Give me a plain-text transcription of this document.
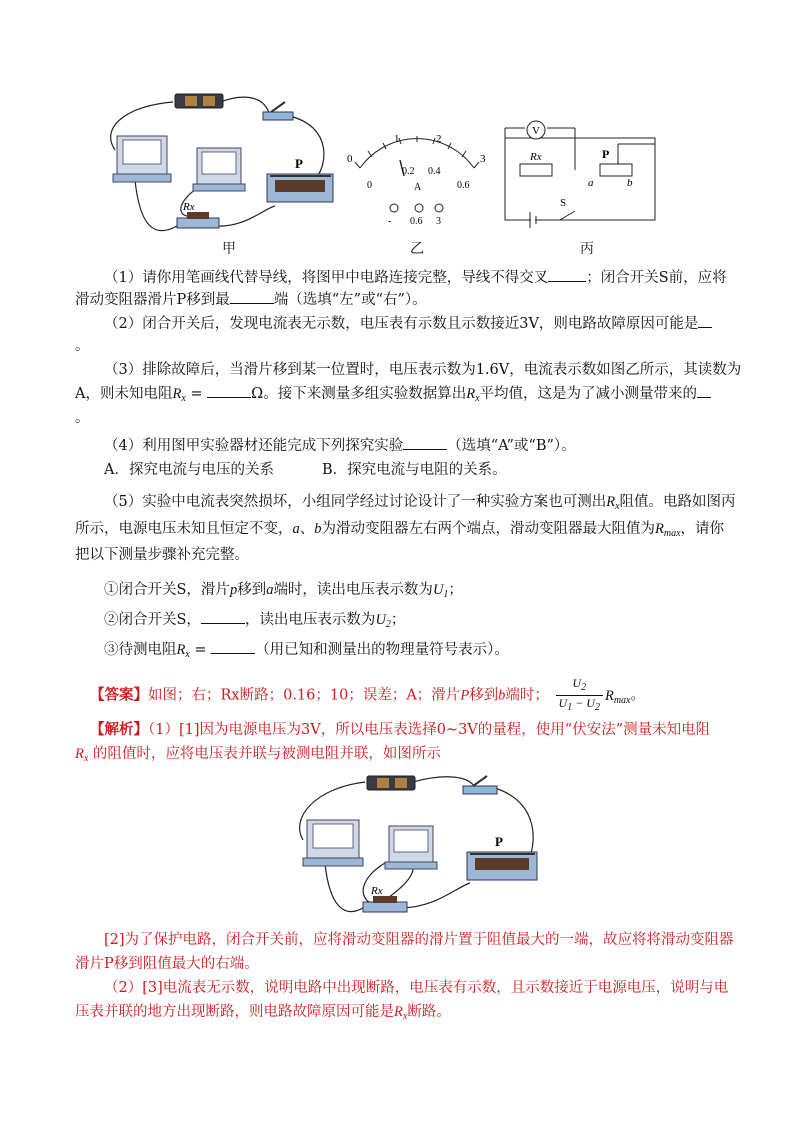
P
Rx
甲
0
1	2
3
0
0.2 0.4
0.6
A
- 0.6 3
乙
V
Rx	P
a	b
S
丙
（1）请你用笔画线代替导线，将图甲中电路连接完整，导线不得交叉	；闭合开关S前，应将
滑动变阻器滑片P移到最	端（选填“左”或“右”）。
（2）闭合开关后，发现电流表无示数，电压表有示数且示数接近3V，则电路故障原因可能是
。
（3）排除故障后，当滑片移到某一位置时，电压表示数为1.6V，电流表示数如图乙所示，其读数为
A，则未知电阻$R_x$ =	Ω。接下来测量多组实验数据算出$R_x$平均值，这是为了减小测量带来的
。
（4）利用图甲实验器材还能完成下列探究实验	（选填“A”或“B”）。
A．探究电流与电压的关系	B．探究电流与电阻的关系。
（5）实验中电流表突然损坏，小组同学经过讨论设计了一种实验方案也可测出$R_x$阻值。电路如图丙
所示，电源电压未知且恒定不变，a、b为滑动变阻器左右两个端点，滑动变阻器最大阻值为$R_{max}$，请你
把以下测量步骤补充完整。
①闭合开关S，滑片p移到a端时，读出电压表示数为$U_1$；
②闭合开关S，	，读出电压表示数为$U_2$；
③待测电阻$R_x$ =	（用已知和测量出的物理量符号表示）。
【答案】如图；右；Rx断路；0.16；10；误差；A；滑片P移到b端时； $\frac{U_2}{U_1 - U_2} R_{max}$。
【解析】（1）[1]因为电源电压为3V，所以电压表选择0~3V的量程，使用“伏安法”测量未知电阻
$R_x$ 的阻值时，应将电压表并联与被测电阻并联，如图所示
P
Rx
[2]为了保护电路，闭合开关前，应将滑动变阻器的滑片置于阻值最大的一端，故应将将滑动变阻器
滑片P移到阻值最大的右端。
（2）[3]电流表无示数，说明电路中出现断路，电压表有示数，且示数接近于电源电压，说明与电
压表并联的地方出现断路，则电路故障原因可能是$R_x$断路。
